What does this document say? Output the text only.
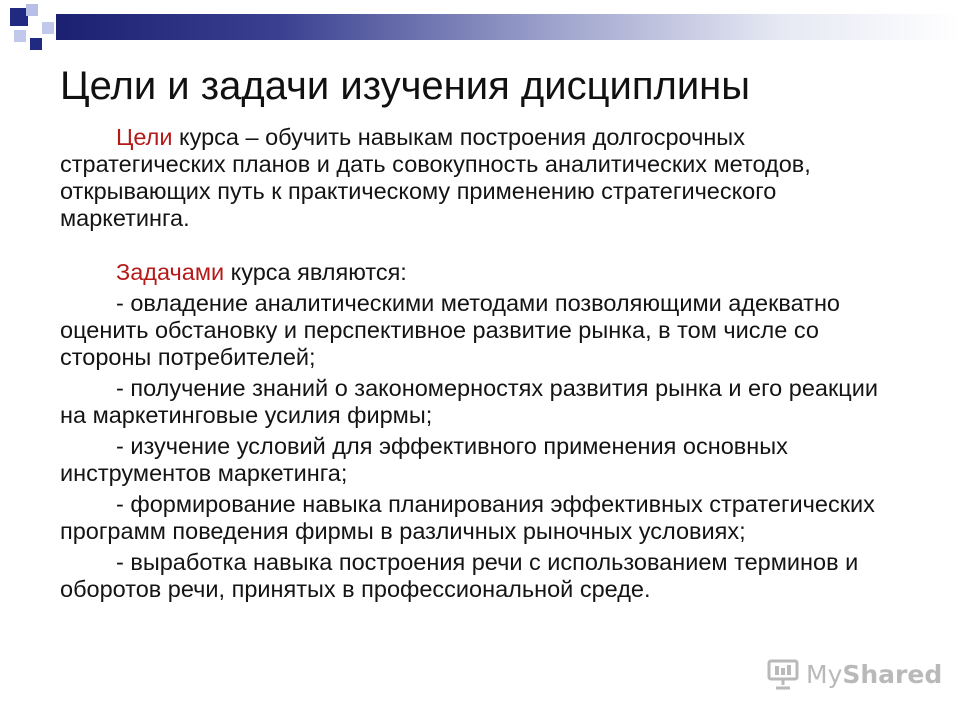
Цели и задачи изучения дисциплины

Цели курса – обучить навыкам построения долгосрочных стратегических планов и дать совокупность аналитических методов, открывающих путь к практическому применению стратегического маркетинга.

Задачами курса являются:

- овладение аналитическими методами позволяющими адекватно оценить обстановку и перспективное развитие рынка, в том числе со стороны потребителей;

- получение знаний о закономерностях развития рынка и его реакции на маркетинговые усилия фирмы;

- изучение условий для эффективного применения основных инструментов маркетинга;

- формирование навыка планирования эффективных стратегических программ поведения фирмы в различных рыночных условиях;

- выработка навыка построения речи с использованием терминов и оборотов речи, принятых в профессиональной среде.

MyShared
